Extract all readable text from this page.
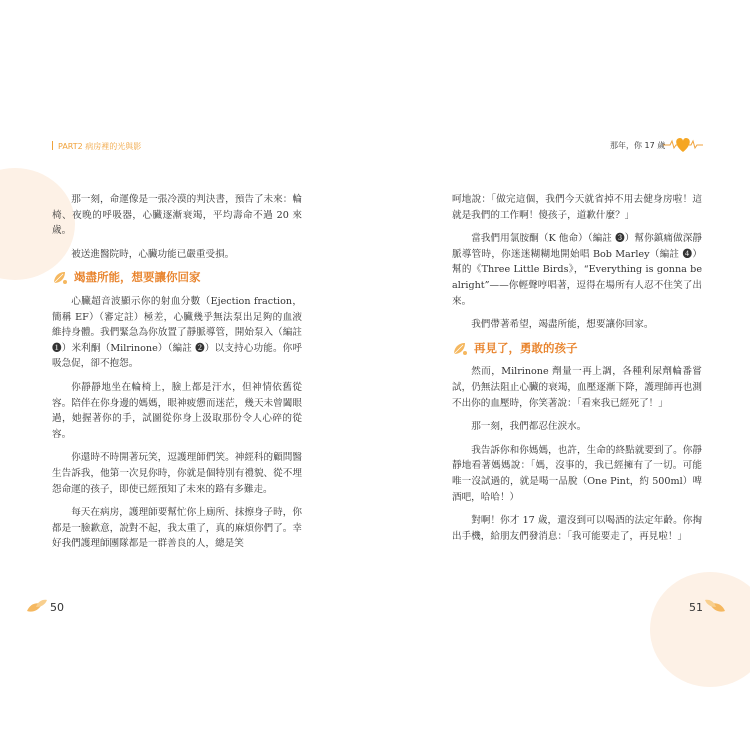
PART2 病房裡的光與影	那年，你 17 歲

那一刻，命運像是一張冷漠的判決書，預告了未來：輪椅、夜晚的呼吸器，心臟逐漸衰竭，平均壽命不過 20 來歲。

被送進醫院時，心臟功能已嚴重受損。

竭盡所能，想要讓你回家

心臟超音波顯示你的射血分數（Ejection fraction，簡稱 EF）（審定註）極差，心臟幾乎無法泵出足夠的血液維持身體。我們緊急為你放置了靜脈導管，開始泵入（編註 ❶）米利酮（Milrinone）（編註 ❷）以支持心功能。你呼吸急促，卻不抱怨。

你靜靜地坐在輪椅上，臉上都是汗水，但神情依舊從容。陪伴在你身邊的媽媽，眼神疲憊而迷茫，幾天未曾闔眼過，她握著你的手，試圖從你身上汲取那份令人心碎的從容。

你還時不時開著玩笑，逗護理師們笑。神經科的顧問醫生告訴我，他第一次見你時，你就是個特別有禮貌、從不埋怨命運的孩子，即使已經預知了未來的路有多難走。

每天在病房，護理師要幫忙你上廁所、抹擦身子時，你都是一臉歉意，說對不起，我太重了，真的麻煩你們了。幸好我們護理師團隊都是一群善良的人，總是笑

呵地說：「做完這個，我們今天就省掉不用去健身房啦！這就是我們的工作啊！傻孩子，道歉什麼？」

當我們用氯胺酮（K 他命）（編註 ❸）幫你鎮痛做深靜脈導管時，你迷迷糊糊地開始唱 Bob Marley（編註 ❹）幫的《Three Little Birds》，“Everything is gonna be alright”——你輕聲哼唱著，逗得在場所有人忍不住笑了出來。

我們帶著希望，竭盡所能，想要讓你回家。

再見了，勇敢的孩子

然而，Milrinone 劑量一再上調，各種利尿劑輪番嘗試，仍無法阻止心臟的衰竭，血壓逐漸下降，護理師再也測不出你的血壓時，你笑著說：「看來我已經死了！」

那一刻，我們都忍住淚水。

我告訴你和你媽媽，也許，生命的終點就要到了。你靜靜地看著媽媽說：「媽，沒事的，我已經擁有了一切。可能唯一沒試過的，就是喝一品脫（One Pint，約 500ml）啤酒吧，哈哈！）

對啊！你才 17 歲，還沒到可以喝酒的法定年齡。你掏出手機，給朋友們發消息：「我可能要走了，再見啦！」

50	51
